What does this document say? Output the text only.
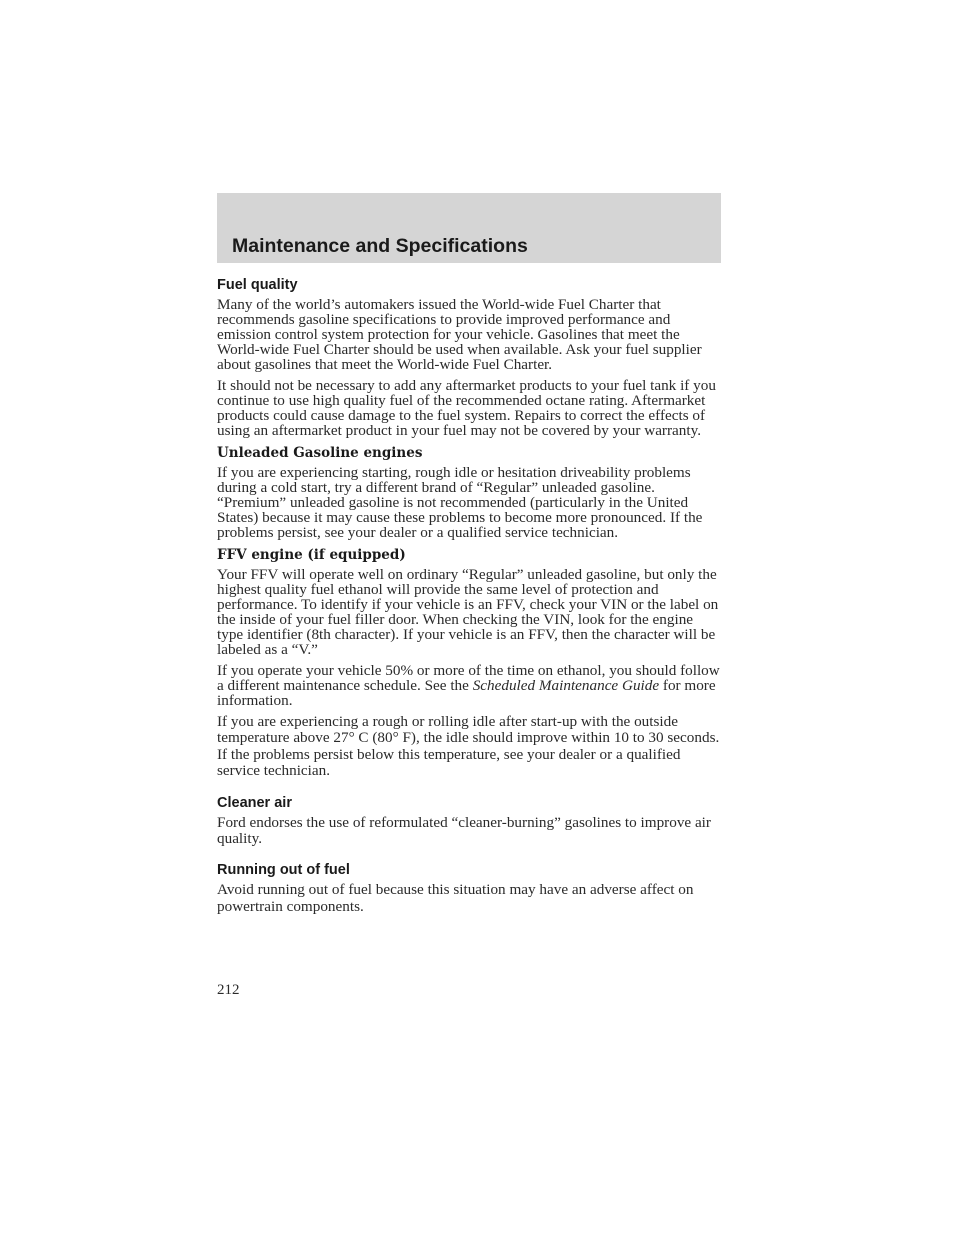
Maintenance and Specifications
Fuel quality

Many of the world’s automakers issued the World-wide Fuel Charter that recommends gasoline specifications to provide improved performance and emission control system protection for your vehicle. Gasolines that meet the World-wide Fuel Charter should be used when available. Ask your fuel supplier about gasolines that meet the World-wide Fuel Charter.

It should not be necessary to add any aftermarket products to your fuel tank if you continue to use high quality fuel of the recommended octane rating. Aftermarket products could cause damage to the fuel system. Repairs to correct the effects of using an aftermarket product in your fuel may not be covered by your warranty.

Unleaded Gasoline engines

If you are experiencing starting, rough idle or hesitation driveability problems during a cold start, try a different brand of “Regular” unleaded gasoline. “Premium” unleaded gasoline is not recommended (particularly in the United States) because it may cause these problems to become more pronounced. If the problems persist, see your dealer or a qualified service technician.

FFV engine (if equipped)

Your FFV will operate well on ordinary “Regular” unleaded gasoline, but only the highest quality fuel ethanol will provide the same level of protection and performance. To identify if your vehicle is an FFV, check your VIN or the label on the inside of your fuel filler door. When checking the VIN, look for the engine type identifier (8th character). If your vehicle is an FFV, then the character will be labeled as a “V.”

If you operate your vehicle 50% or more of the time on ethanol, you should follow a different maintenance schedule. See the Scheduled Maintenance Guide for more information.

If you are experiencing a rough or rolling idle after start-up with the outside temperature above 27° C (80° F), the idle should improve within 10 to 30 seconds. If the problems persist below this temperature, see your dealer or a qualified service technician.

Cleaner air

Ford endorses the use of reformulated “cleaner-burning” gasolines to improve air quality.

Running out of fuel

Avoid running out of fuel because this situation may have an adverse affect on powertrain components.

212
